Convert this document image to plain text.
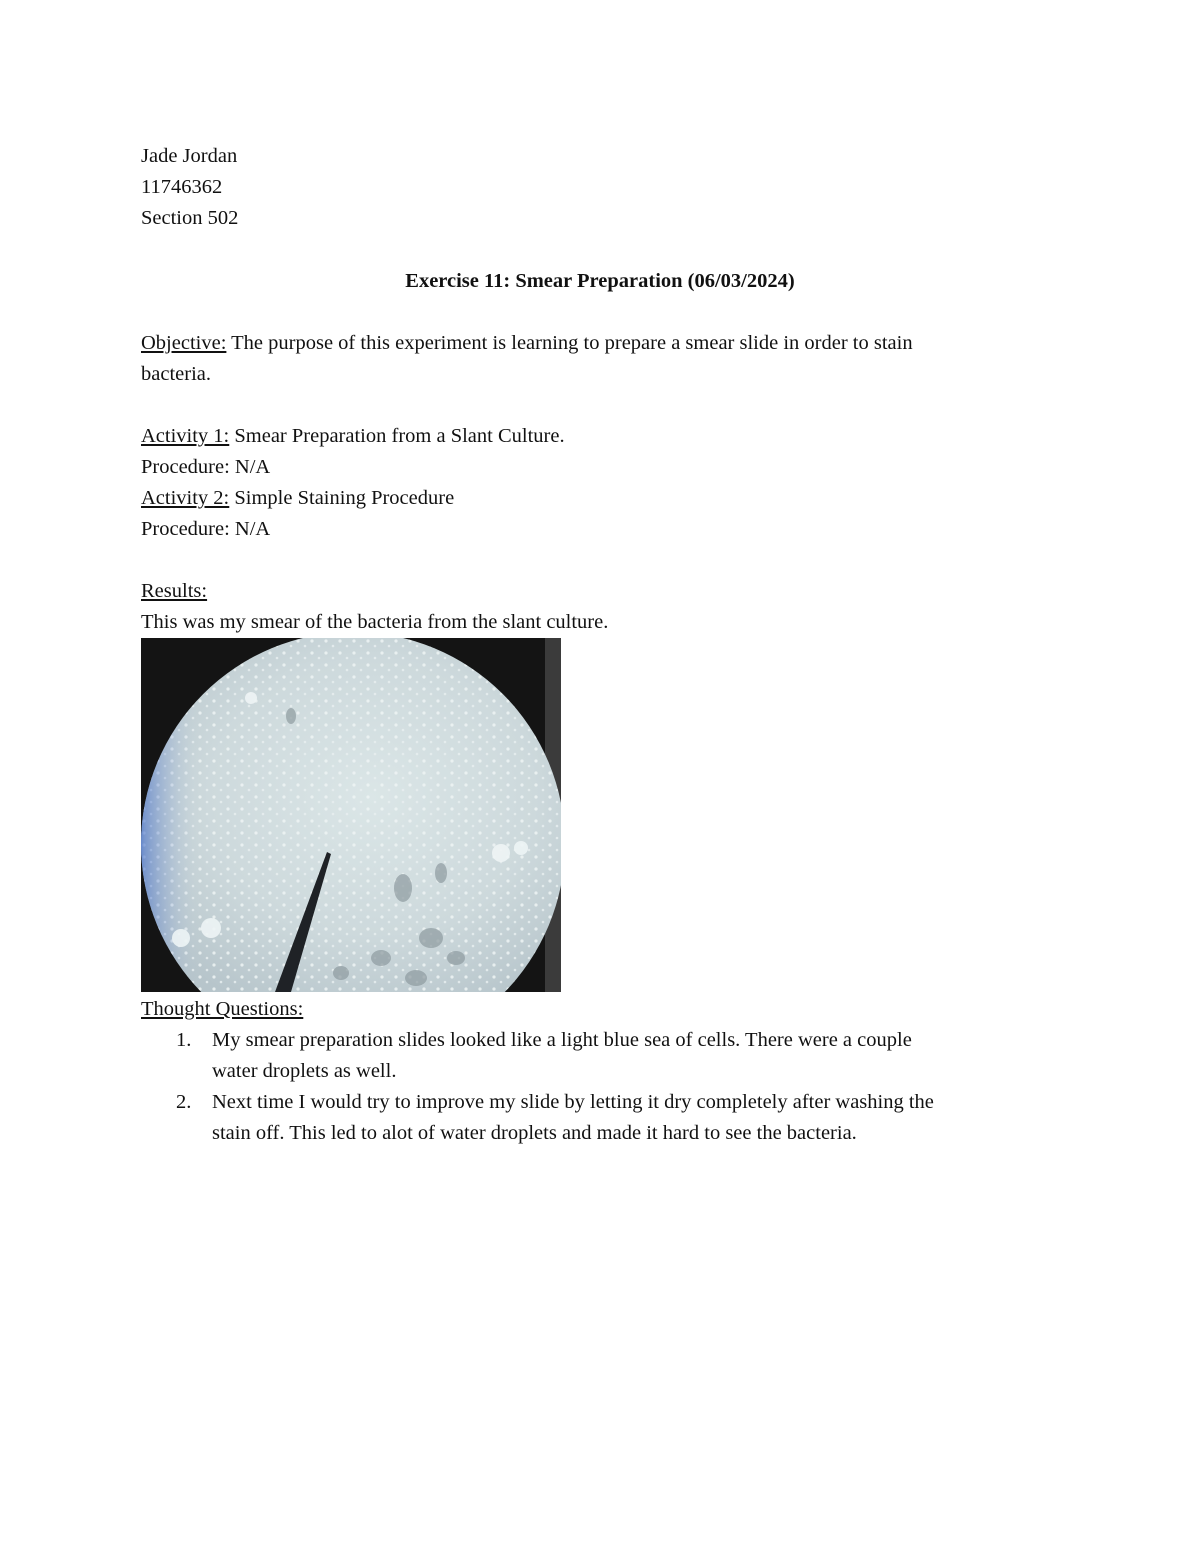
Jade Jordan
11746362
Section 502
Exercise 11: Smear Preparation (06/03/2024)
Objective: The purpose of this experiment is learning to prepare a smear slide in order to stain
bacteria.
Activity 1: Smear Preparation from a Slant Culture.
Procedure: N/A
Activity 2: Simple Staining Procedure
Procedure: N/A
Results:
This was my smear of the bacteria from the slant culture.
Thought Questions:
1. My smear preparation slides looked like a light blue sea of cells. There were a couple
water droplets as well.
2. Next time I would try to improve my slide by letting it dry completely after washing the
stain off. This led to alot of water droplets and made it hard to see the bacteria.
